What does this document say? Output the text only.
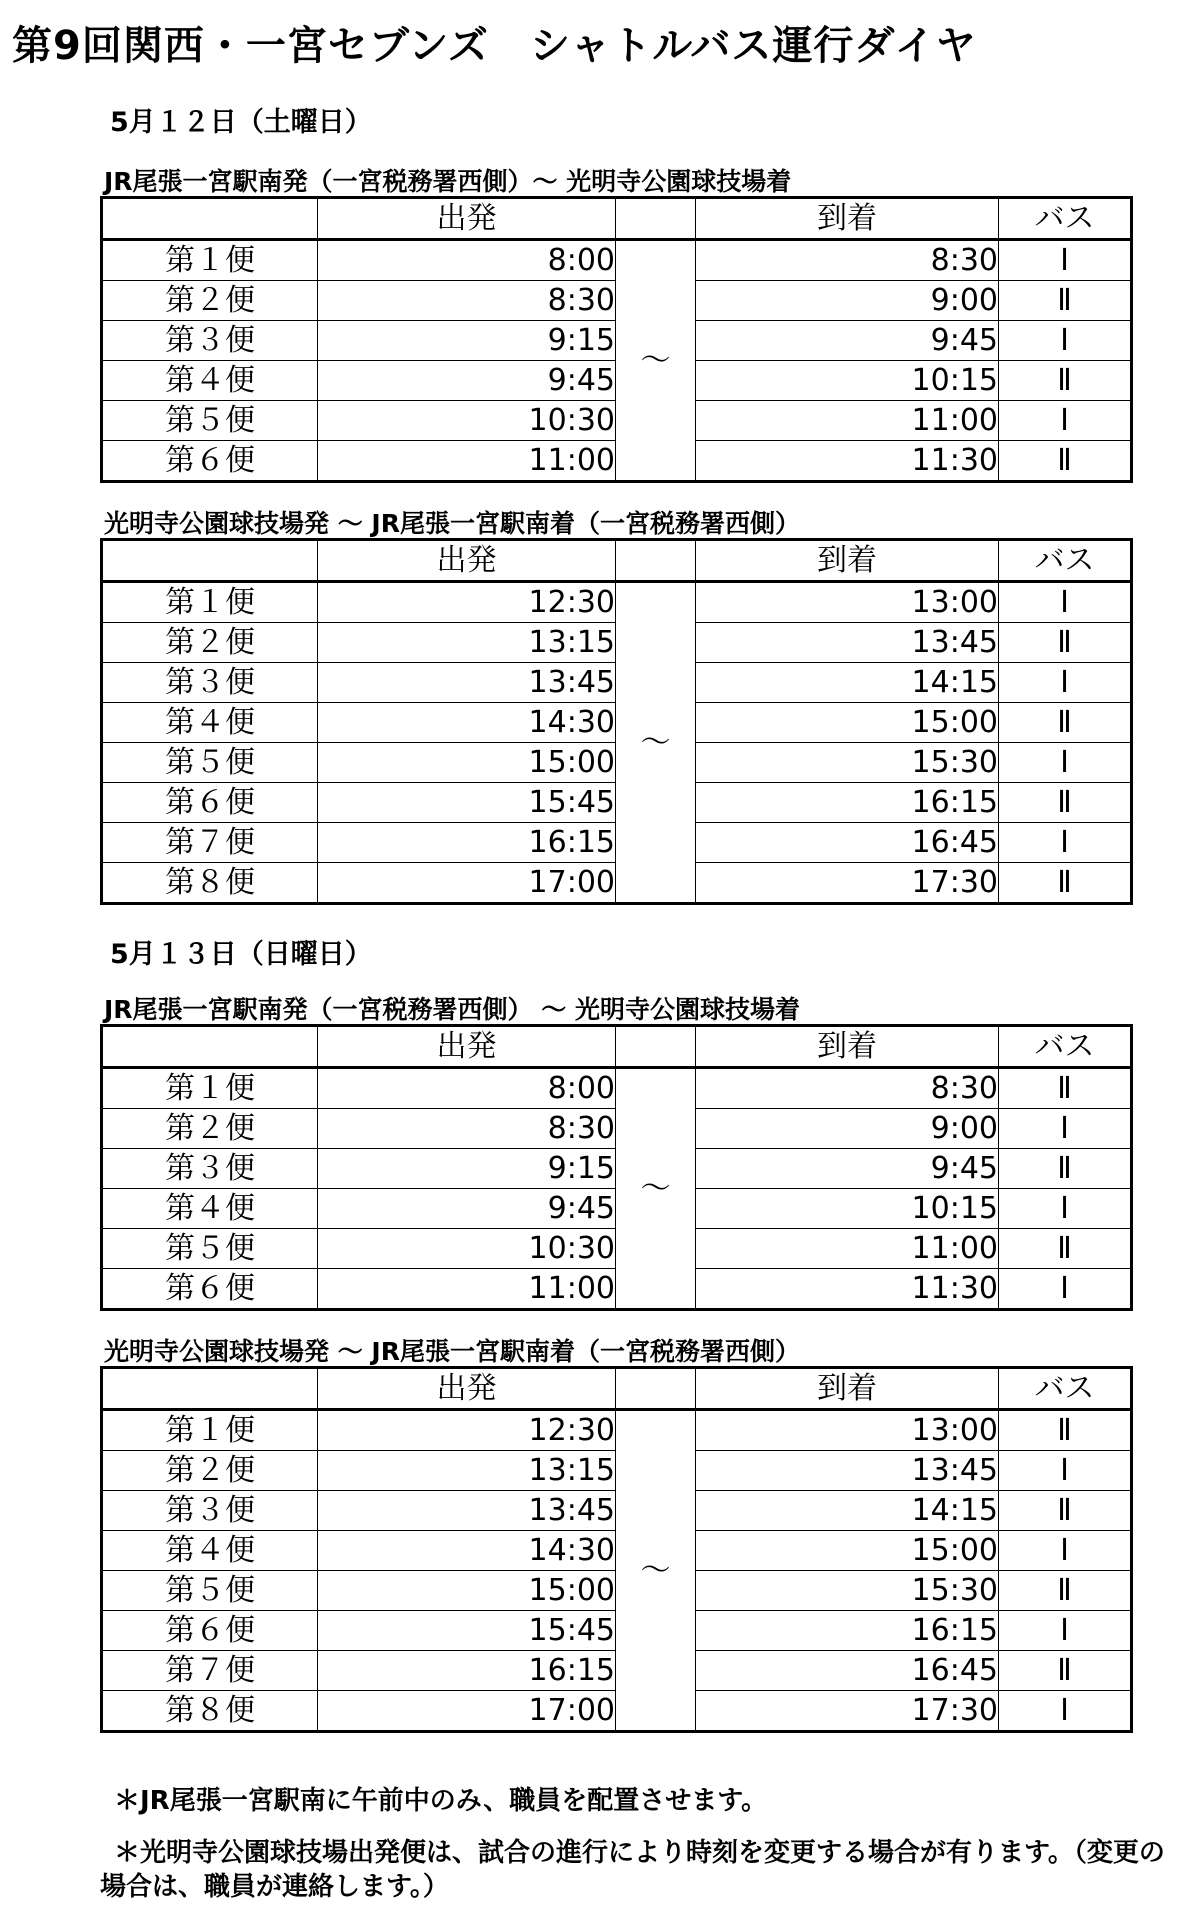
第9回関西・一宮セブンズ　シャトルバス運行ダイヤ
5月１２日（土曜日）
JR尾張一宮駅南発（一宮税務署西側）～ 光明寺公園球技場着
	出発		到着	バス
第１便	8:00	～	8:30	Ⅰ
第２便	8:30		9:00	Ⅱ
第３便	9:15		9:45	Ⅰ
第４便	9:45		10:15	Ⅱ
第５便	10:30		11:00	Ⅰ
第６便	11:00		11:30	Ⅱ
光明寺公園球技場発 ～ JR尾張一宮駅南着（一宮税務署西側）
	出発		到着	バス
第１便	12:30	～	13:00	Ⅰ
第２便	13:15		13:45	Ⅱ
第３便	13:45		14:15	Ⅰ
第４便	14:30		15:00	Ⅱ
第５便	15:00		15:30	Ⅰ
第６便	15:45		16:15	Ⅱ
第７便	16:15		16:45	Ⅰ
第８便	17:00		17:30	Ⅱ
5月１３日（日曜日）
JR尾張一宮駅南発（一宮税務署西側） ～ 光明寺公園球技場着
	出発		到着	バス
第１便	8:00	～	8:30	Ⅱ
第２便	8:30		9:00	Ⅰ
第３便	9:15		9:45	Ⅱ
第４便	9:45		10:15	Ⅰ
第５便	10:30		11:00	Ⅱ
第６便	11:00		11:30	Ⅰ
光明寺公園球技場発 ～ JR尾張一宮駅南着（一宮税務署西側）
	出発		到着	バス
第１便	12:30	～	13:00	Ⅱ
第２便	13:15		13:45	Ⅰ
第３便	13:45		14:15	Ⅱ
第４便	14:30		15:00	Ⅰ
第５便	15:00		15:30	Ⅱ
第６便	15:45		16:15	Ⅰ
第７便	16:15		16:45	Ⅱ
第８便	17:00		17:30	Ⅰ
＊JR尾張一宮駅南に午前中のみ、職員を配置させます。
＊光明寺公園球技場出発便は、試合の進行により時刻を変更する場合が有ります。（変更の場合は、職員が連絡します。）
